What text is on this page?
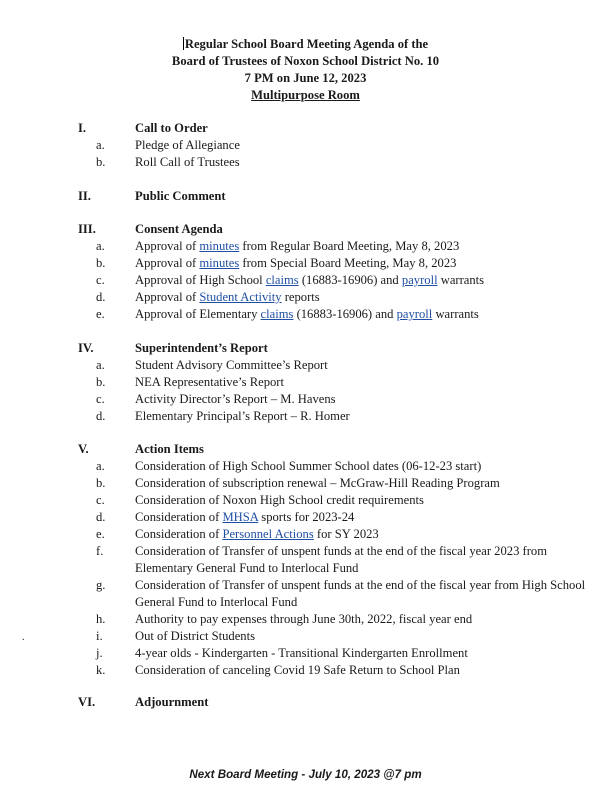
Regular School Board Meeting Agenda of the
Board of Trustees of Noxon School District No. 10
7 PM on June 12, 2023
Multipurpose Room
I.	Call to Order
a. Pledge of Allegiance
b. Roll Call of Trustees
II.	Public Comment
III.	Consent Agenda
a. Approval of minutes from Regular Board Meeting, May 8, 2023
b. Approval of minutes from Special Board Meeting, May 8, 2023
c. Approval of High School claims (16883-16906) and payroll warrants
d. Approval of Student Activity reports
e. Approval of Elementary claims (16883-16906) and payroll warrants
IV.	Superintendent’s Report
a. Student Advisory Committee’s Report
b. NEA Representative’s Report
c. Activity Director’s Report – M. Havens
d. Elementary Principal’s Report – R. Homer
V.	Action Items
a. Consideration of High School Summer School dates (06-12-23 start)
b. Consideration of subscription renewal – McGraw-Hill Reading Program
c. Consideration of Noxon High School credit requirements
d. Consideration of MHSA sports for 2023-24
e. Consideration of Personnel Actions for SY 2023
f.	Consideration of Transfer of unspent funds at the end of the fiscal year 2023 from
Elementary General Fund to Interlocal Fund
g. Consideration of Transfer of unspent funds at the end of the fiscal year from High School
General Fund to Interlocal Fund
h. Authority to pay expenses through June 30th, 2022, fiscal year end
i.	Out of District Students
j.	4-year olds - Kindergarten - Transitional Kindergarten Enrollment
k. Consideration of canceling Covid 19 Safe Return to School Plan
VI.	Adjournment
.
Next Board Meeting - July 10, 2023 @7 pm
